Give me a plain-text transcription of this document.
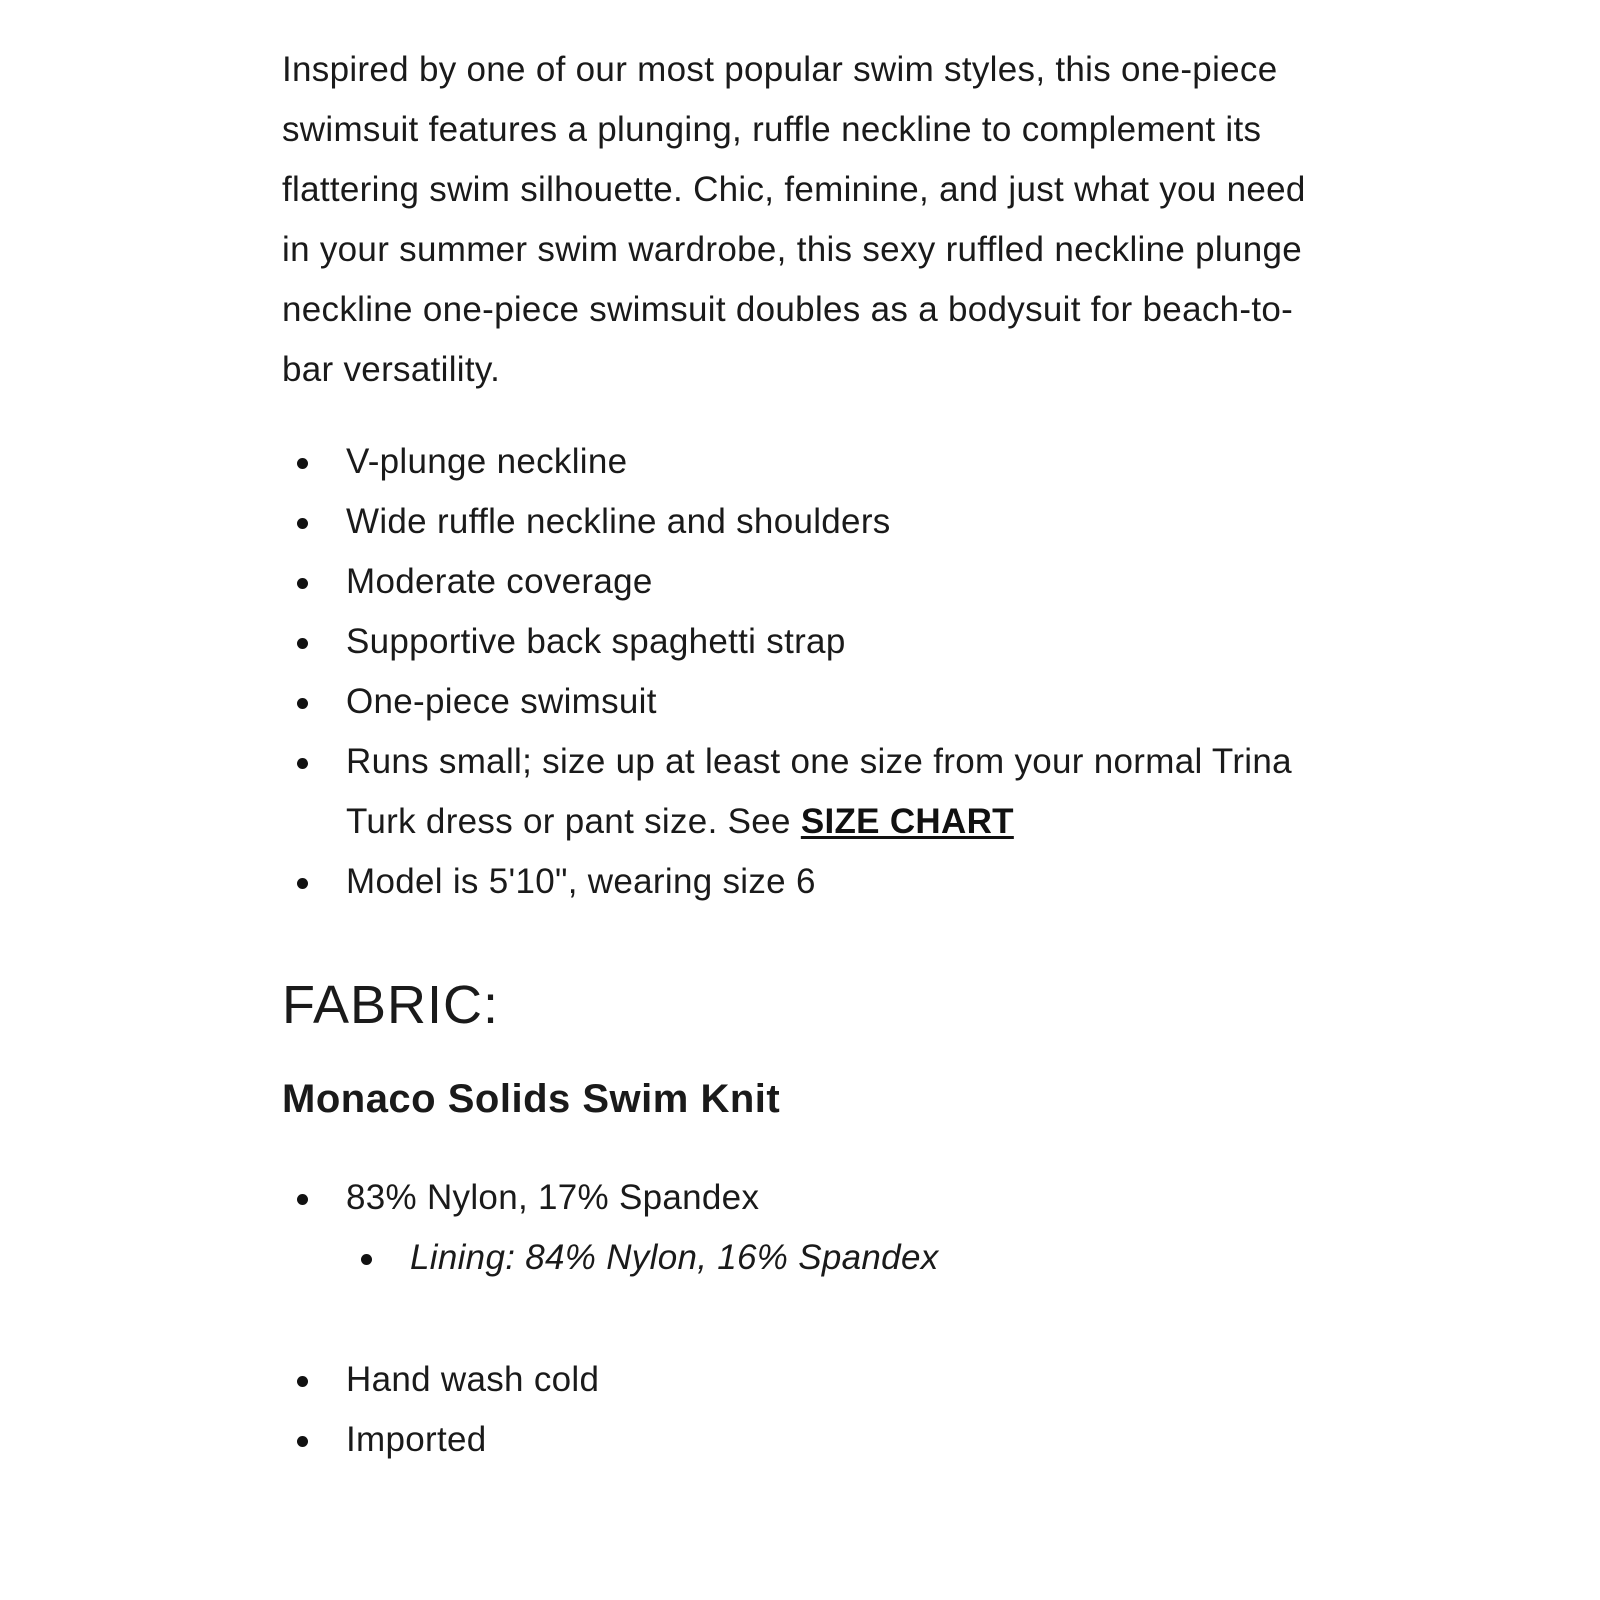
Inspired by one of our most popular swim styles, this one-piece swimsuit features a plunging, ruffle neckline to complement its flattering swim silhouette. Chic, feminine, and just what you need in your summer swim wardrobe, this sexy ruffled neckline plunge neckline one-piece swimsuit doubles as a bodysuit for beach-to-bar versatility.

V-plunge neckline
Wide ruffle neckline and shoulders
Moderate coverage
Supportive back spaghetti strap
One-piece swimsuit
Runs small; size up at least one size from your normal Trina Turk dress or pant size. See SIZE CHART
Model is 5'10", wearing size 6
FABRIC:
Monaco Solids Swim Knit
83% Nylon, 17% Spandex
Lining: 84% Nylon, 16% Spandex
Hand wash cold
Imported
